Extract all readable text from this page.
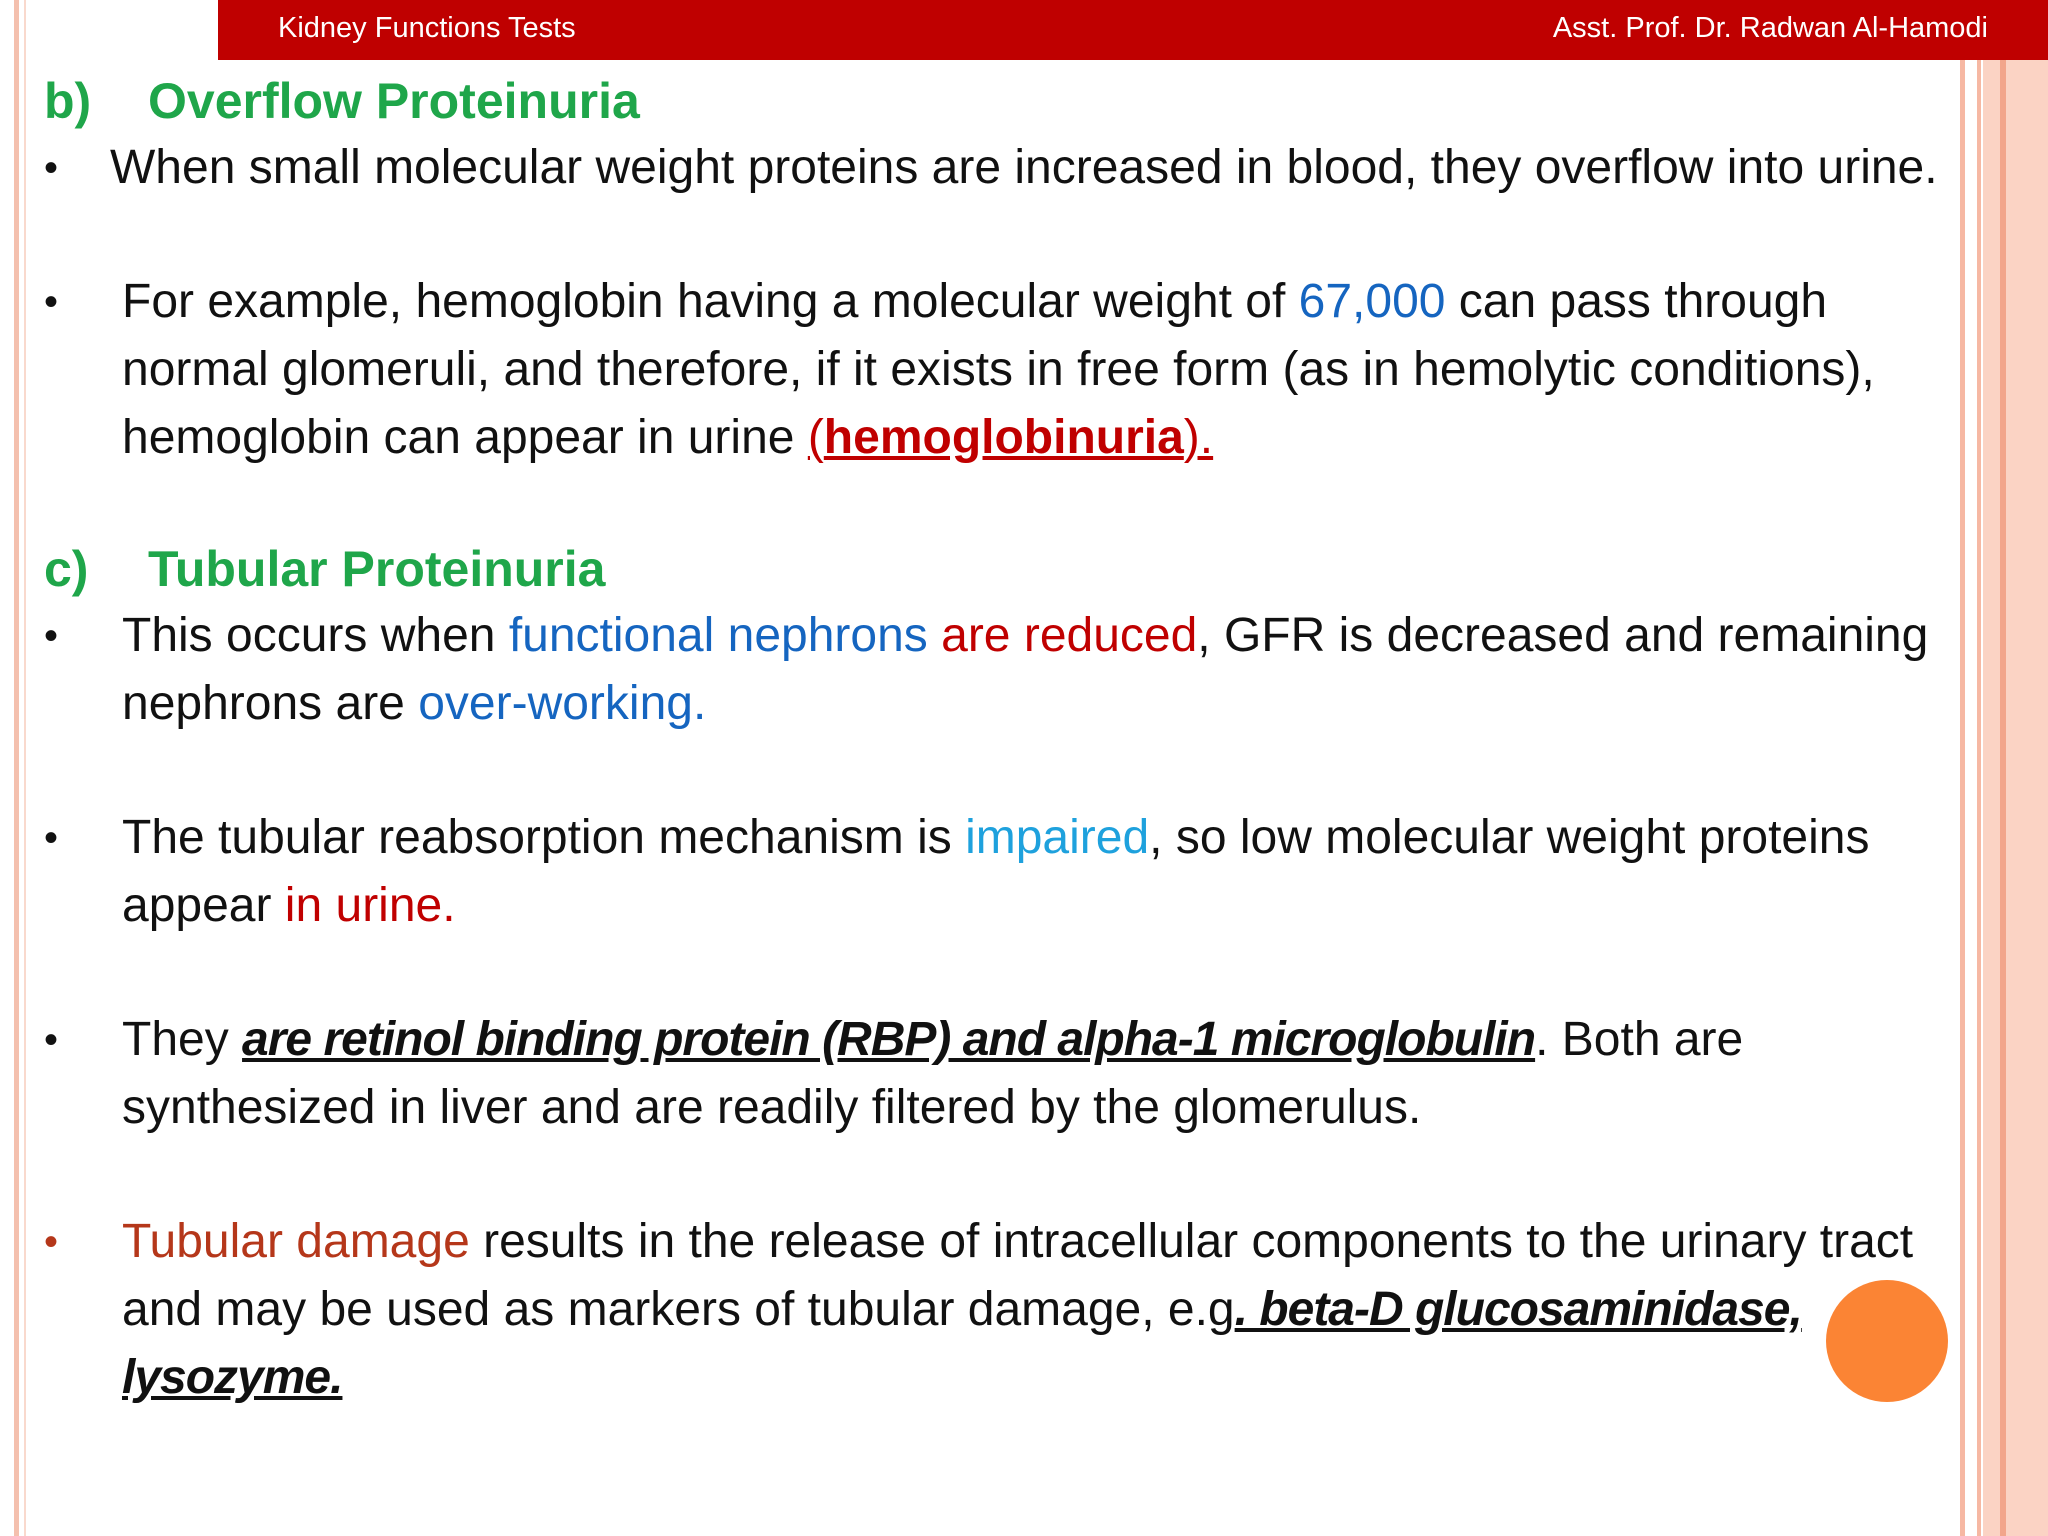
Kidney Functions Tests	Asst. Prof. Dr. Radwan Al-Hamodi
b)	Overflow Proteinuria
• When small molecular weight proteins are increased in blood, they overflow into urine.
• For example, hemoglobin having a molecular weight of 67,000 can pass through normal glomeruli, and therefore, if it exists in free form (as in hemolytic conditions), hemoglobin can appear in urine (hemoglobinuria).
c)	Tubular Proteinuria
• This occurs when functional nephrons are reduced, GFR is decreased and remaining nephrons are over-working.
• The tubular reabsorption mechanism is impaired, so low molecular weight proteins appear in urine.
• They are retinol binding protein (RBP) and alpha-1 microglobulin. Both are synthesized in liver and are readily filtered by the glomerulus.
• Tubular damage results in the release of intracellular components to the urinary tract and may be used as markers of tubular damage, e.g. beta-D glucosaminidase, lysozyme.
